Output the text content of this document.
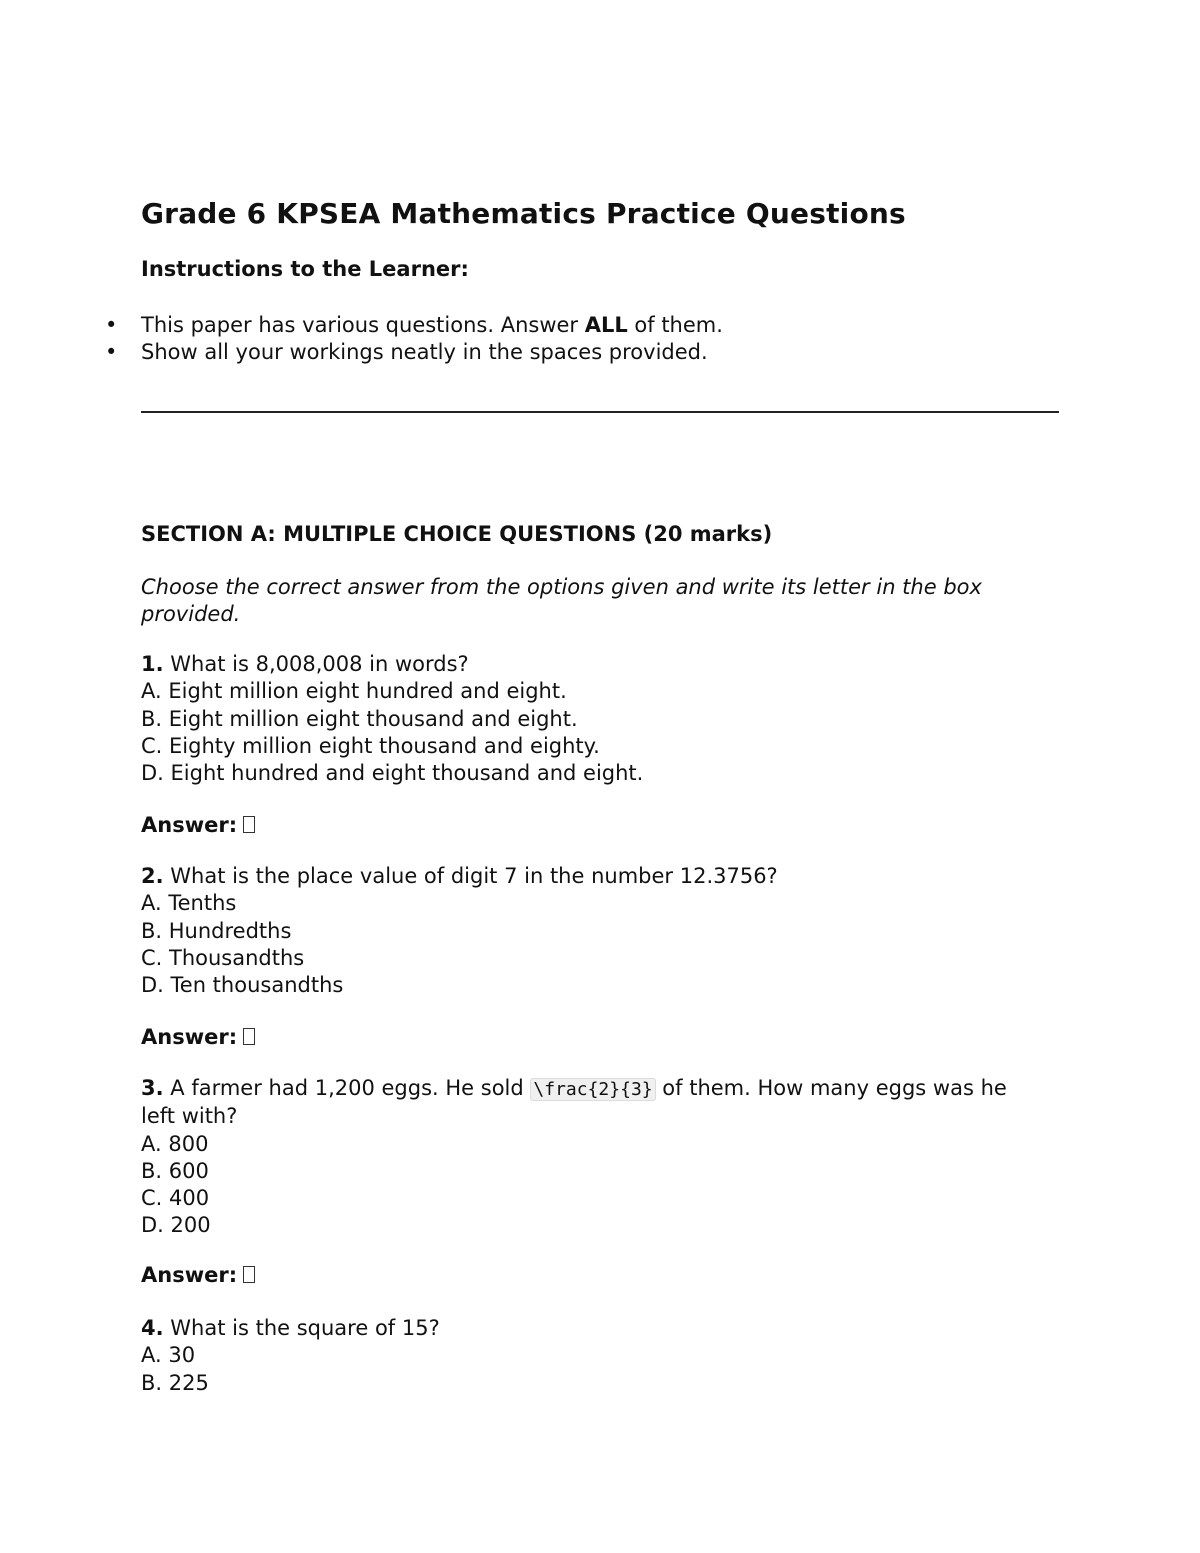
Grade 6 KPSEA Mathematics Practice Questions
Instructions to the Learner:
• This paper has various questions. Answer ALL of them.
• Show all your workings neatly in the spaces provided.
SECTION A: MULTIPLE CHOICE QUESTIONS (20 marks)

Choose the correct answer from the options given and write its letter in the box provided.

1. What is 8,008,008 in words?
A. Eight million eight hundred and eight.
B. Eight million eight thousand and eight.
C. Eighty million eight thousand and eighty.
D. Eight hundred and eight thousand and eight.
Answer:
2. What is the place value of digit 7 in the number 12.3756?
A. Tenths
B. Hundredths
C. Thousandths
D. Ten thousandths
Answer:
3. A farmer had 1,200 eggs. He sold \frac{2}{3} of them. How many eggs was he left with?
A. 800
B. 600
C. 400
D. 200
Answer:
4. What is the square of 15?
A. 30
B. 225
